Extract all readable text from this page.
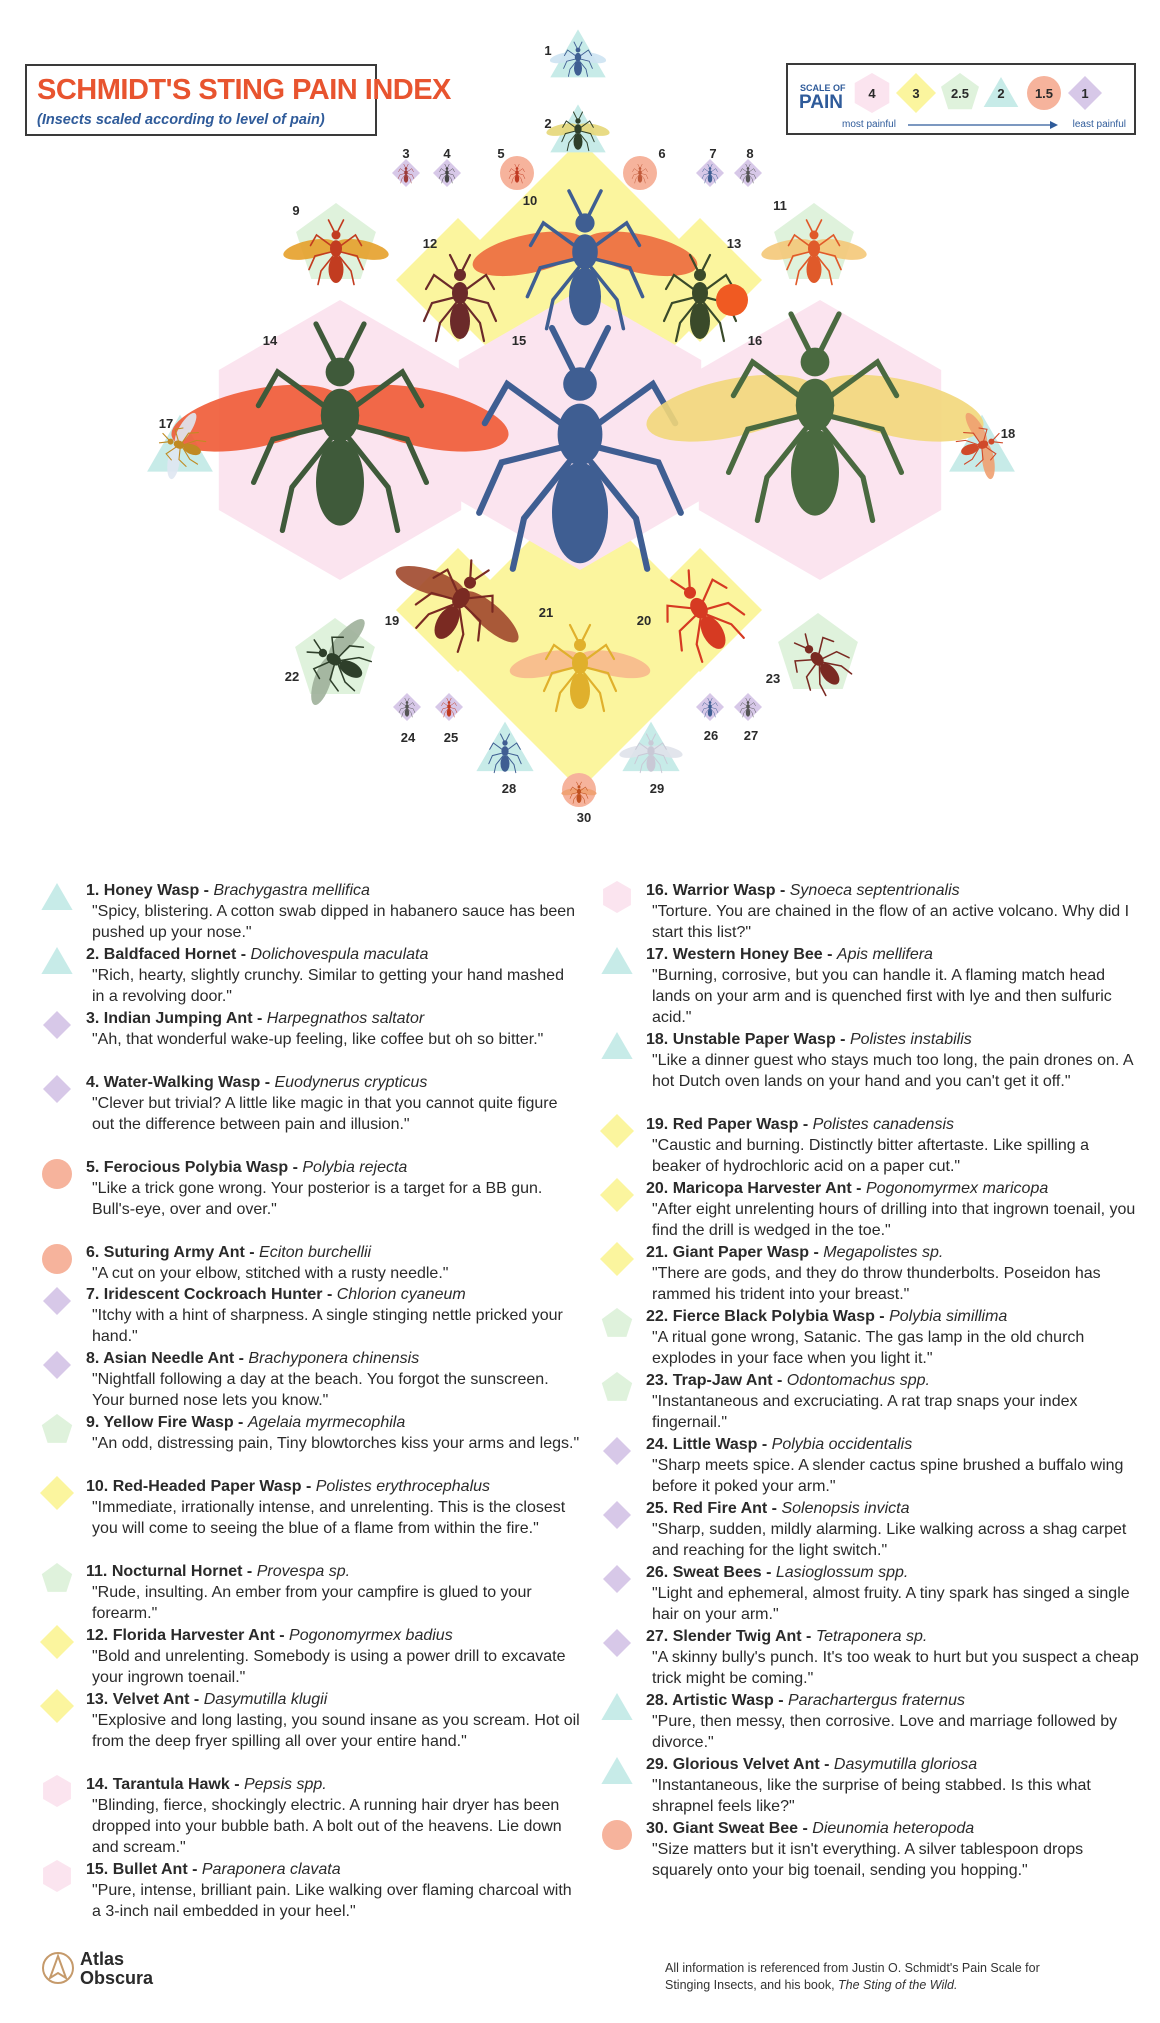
SCHMIDT'S STING PAIN INDEX
(Insects scaled according to level of pain)
SCALE OF
PAIN 4	3 2.5 2 1.5 1
most painful	least painful
1
2
3	4	5	6	7 8
9
10	11
12	13
14	15	16
17
18
19	20
21
22	23
24 25	26 27
28	29
30
1. Honey Wasp - Brachygastra mellifica
"Spicy, blistering. A cotton swab dipped in habanero sauce has been pushed up your nose."
2. Baldfaced Hornet - Dolichovespula maculata
"Rich, hearty, slightly crunchy. Similar to getting your hand mashed in a revolving door."
3. Indian Jumping Ant - Harpegnathos saltator
"Ah, that wonderful wake-up feeling, like coffee but oh so bitter."
4. Water-Walking Wasp - Euodynerus crypticus
"Clever but trivial? A little like magic in that you cannot quite figure out the difference between pain and illusion."
5. Ferocious Polybia Wasp - Polybia rejecta
"Like a trick gone wrong. Your posterior is a target for a BB gun. Bull's-eye, over and over."
6. Suturing Army Ant - Eciton burchellii
"A cut on your elbow, stitched with a rusty needle."
7. Iridescent Cockroach Hunter - Chlorion cyaneum
"Itchy with a hint of sharpness. A single stinging nettle pricked your hand."
8. Asian Needle Ant - Brachyponera chinensis
"Nightfall following a day at the beach. You forgot the sunscreen. Your burned nose lets you know."
9. Yellow Fire Wasp - Agelaia myrmecophila
"An odd, distressing pain, Tiny blowtorches kiss your arms and legs."
10. Red-Headed Paper Wasp - Polistes erythrocephalus
"Immediate, irrationally intense, and unrelenting. This is the closest you will come to seeing the blue of a flame from within the fire."
11. Nocturnal Hornet - Provespa sp.
"Rude, insulting. An ember from your campfire is glued to your forearm."
12. Florida Harvester Ant - Pogonomyrmex badius
"Bold and unrelenting. Somebody is using a power drill to excavate your ingrown toenail."
13. Velvet Ant - Dasymutilla klugii
"Explosive and long lasting, you sound insane as you scream. Hot oil from the deep fryer spilling all over your entire hand."
14. Tarantula Hawk - Pepsis spp.
"Blinding, fierce, shockingly electric. A running hair dryer has been dropped into your bubble bath. A bolt out of the heavens. Lie down and scream."
15. Bullet Ant - Paraponera clavata
"Pure, intense, brilliant pain. Like walking over flaming charcoal with a 3-inch nail embedded in your heel."
16. Warrior Wasp - Synoeca septentrionalis
"Torture. You are chained in the flow of an active volcano. Why did I start this list?"
17. Western Honey Bee - Apis mellifera
"Burning, corrosive, but you can handle it. A flaming match head lands on your arm and is quenched first with lye and then sulfuric acid."
18. Unstable Paper Wasp - Polistes instabilis
"Like a dinner guest who stays much too long, the pain drones on. A hot Dutch oven lands on your hand and you can't get it off."
19. Red Paper Wasp - Polistes canadensis
"Caustic and burning. Distinctly bitter aftertaste. Like spilling a beaker of hydrochloric acid on a paper cut."
20. Maricopa Harvester Ant - Pogonomyrmex maricopa
"After eight unrelenting hours of drilling into that ingrown toenail, you find the drill is wedged in the toe."
21. Giant Paper Wasp - Megapolistes sp.
"There are gods, and they do throw thunderbolts. Poseidon has rammed his trident into your breast."
22. Fierce Black Polybia Wasp - Polybia simillima
"A ritual gone wrong, Satanic. The gas lamp in the old church explodes in your face when you light it."
23. Trap-Jaw Ant - Odontomachus spp.
"Instantaneous and excruciating. A rat trap snaps your index fingernail."
24. Little Wasp - Polybia occidentalis
"Sharp meets spice. A slender cactus spine brushed a buffalo wing before it poked your arm."
25. Red Fire Ant - Solenopsis invicta
"Sharp, sudden, mildly alarming. Like walking across a shag carpet and reaching for the light switch."
26. Sweat Bees - Lasioglossum spp.
"Light and ephemeral, almost fruity. A tiny spark has singed a single hair on your arm."
27. Slender Twig Ant - Tetraponera sp.
"A skinny bully's punch. It's too weak to hurt but you suspect a cheap trick might be coming."
28. Artistic Wasp - Parachartergus fraternus
"Pure, then messy, then corrosive. Love and marriage followed by divorce."
29. Glorious Velvet Ant - Dasymutilla gloriosa
"Instantaneous, like the surprise of being stabbed. Is this what shrapnel feels like?"
30. Giant Sweat Bee - Dieunomia heteropoda
"Size matters but it isn't everything. A silver tablespoon drops squarely onto your big toenail, sending you hopping."
Atlas
Obscura	All information is referenced from Justin O. Schmidt's Pain Scale for
Stinging Insects, and his book, The Sting of the Wild.
